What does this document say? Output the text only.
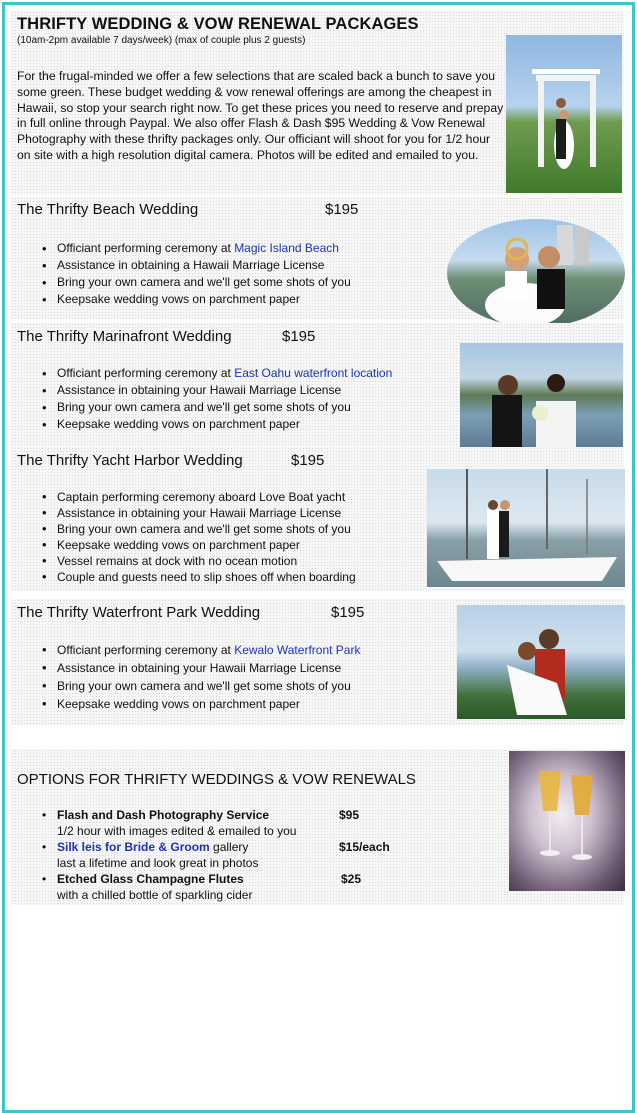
THRIFTY WEDDING & VOW RENEWAL PACKAGES
(10am-2pm available 7 days/week) (max of couple plus 2 guests)
For the frugal-minded we offer a few selections that are scaled back a bunch to save you some green. These budget wedding & vow renewal offerings are among the cheapest in Hawaii, so stop your search right now. To get these prices you need to reserve and prepay in full online through Paypal. We also offer Flash & Dash $95 Wedding & Vow Renewal Photography with these thrifty packages only. Our officiant will shoot for you for 1/2 hour on site with a high resolution digital camera. Photos will be edited and emailed to you.
The Thrifty Beach Wedding	$195
• Officiant performing ceremony at Magic Island Beach
• Assistance in obtaining a Hawaii Marriage License
• Bring your own camera and we'll get some shots of you
• Keepsake wedding vows on parchment paper
The Thrifty Marinafront Wedding	$195
• Officiant performing ceremony at East Oahu waterfront location
• Assistance in obtaining your Hawaii Marriage License
• Bring your own camera and we'll get some shots of you
• Keepsake wedding vows on parchment paper
The Thrifty Yacht Harbor Wedding	$195
• Captain performing ceremony aboard Love Boat yacht
• Assistance in obtaining your Hawaii Marriage License
• Bring your own camera and we'll get some shots of you
• Keepsake wedding vows on parchment paper
• Vessel remains at dock with no ocean motion
• Couple and guests need to slip shoes off when boarding
The Thrifty Waterfront Park Wedding	$195
• Officiant performing ceremony at Kewalo Waterfront Park
• Assistance in obtaining your Hawaii Marriage License
• Bring your own camera and we'll get some shots of you
• Keepsake wedding vows on parchment paper
OPTIONS FOR THRIFTY WEDDINGS & VOW RENEWALS
• Flash and Dash Photography Service	$95
1/2 hour with images edited & emailed to you
• Silk leis for Bride & Groom gallery	$15/each
last a lifetime and look great in photos
• Etched Glass Champagne Flutes	$25
with a chilled bottle of sparkling cider
